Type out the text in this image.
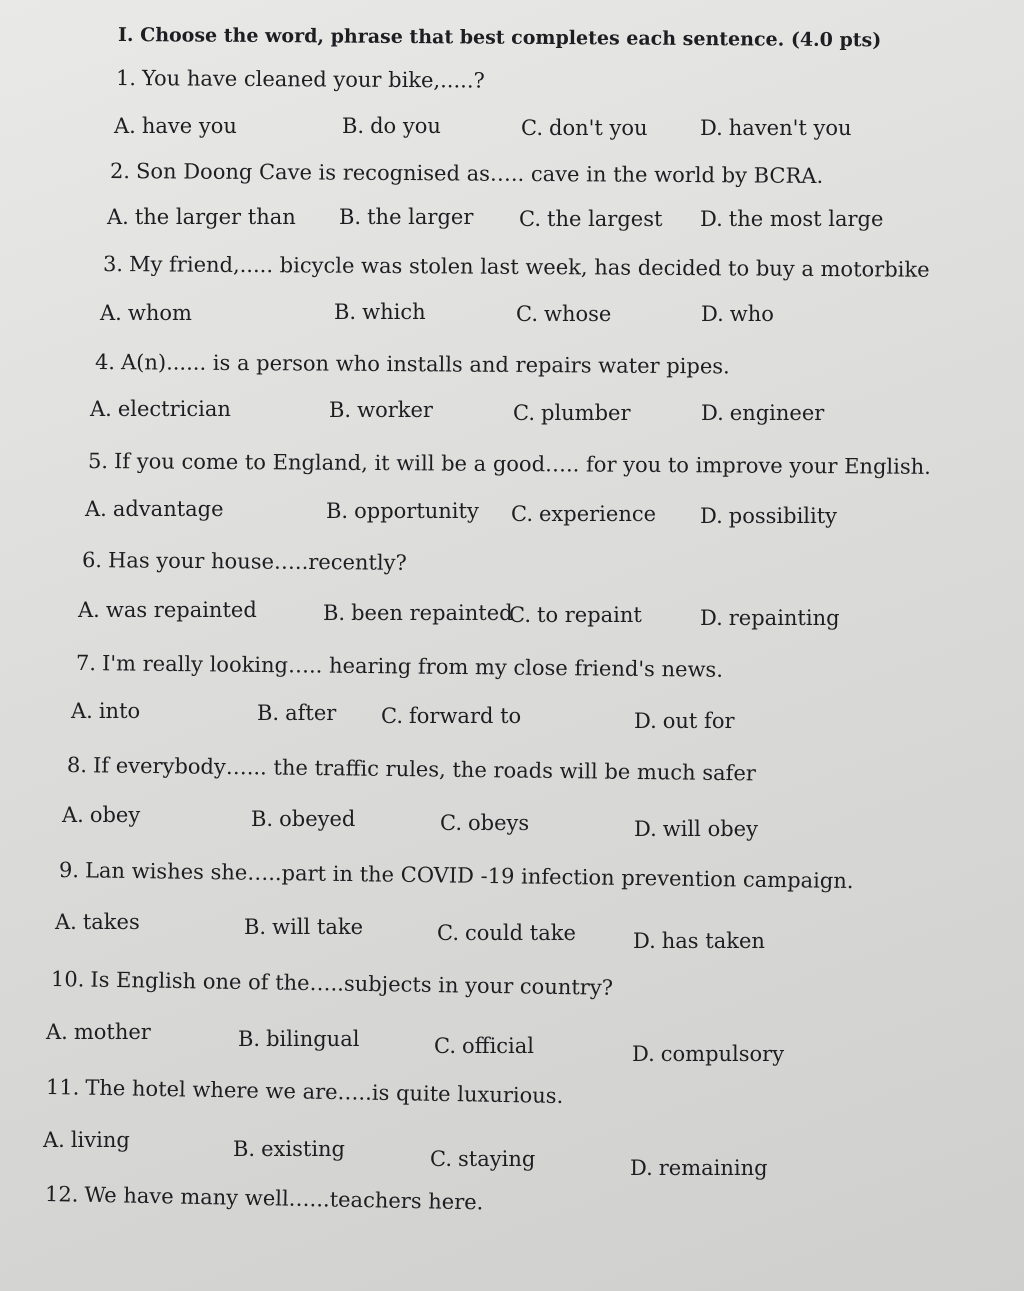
I. Choose the word, phrase that best completes each sentence. (4.0 pts)
1. You have cleaned your bike,.....?
A. have you	B. do you	C. don't you D. haven't you
2. Son Doong Cave is recognised as….. cave in the world by BCRA.
A. the larger than B. the larger C. the largest D. the most large
3. My friend,..... bicycle was stolen last week, has decided to buy a motorbike
A. whom	B. which	C. whose	D. who
4. A(n)...... is a person who installs and repairs water pipes.
A. electrician	B. worker	C. plumber	D. engineer
5. If you come to England, it will be a good….. for you to improve your English.
A. advantage	B. opportunity C. experience D. possibility
6. Has your house…..recently?
A. was repainted	B. been repainted
C. to repaint	D. repainting
7. I'm really looking….. hearing from my close friend's news.
A. into	B. after C. forward to	D. out for
8. If everybody…... the traffic rules, the roads will be much safer
A. obey	B. obeyed	C. obeys	D. will obey
9. Lan wishes she…..part in the COVID -19 infection prevention campaign.
A. takes	B. will take	C. could take	D. has taken
10. Is English one of the…..subjects in your country?
A. mother	B. bilingual	C. official	D. compulsory
11. The hotel where we are…..is quite luxurious.
A. living	B. existing	C. staying	D. remaining
12. We have many well…...teachers here.
